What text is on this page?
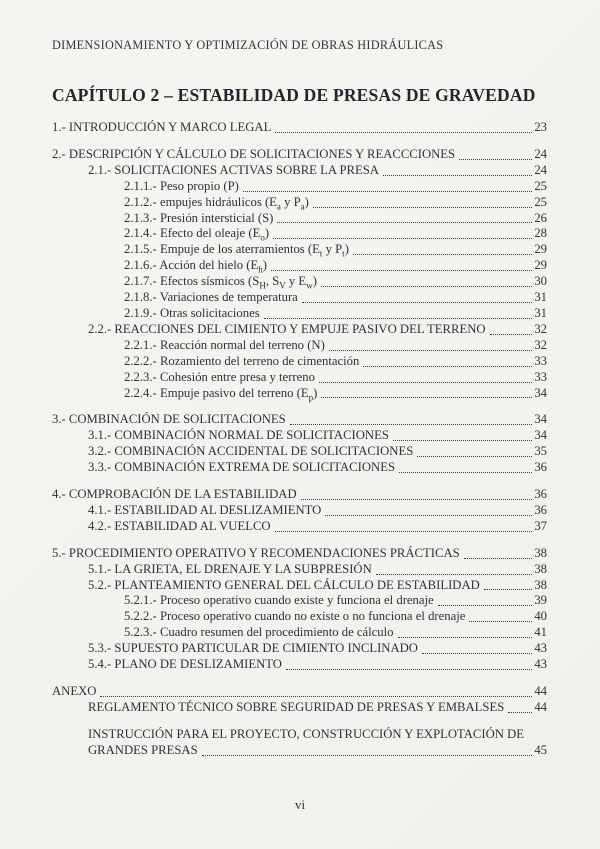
DIMENSIONAMIENTO Y OPTIMIZACIÓN DE OBRAS HIDRÁULICAS
CAPÍTULO 2 – ESTABILIDAD DE PRESAS DE GRAVEDAD
1.- INTRODUCCIÓN Y MARCO LEGAL	23
2.- DESCRIPCIÓN Y CÁLCULO DE SOLICITACIONES Y REACCCIONES	24
2.1.- SOLICITACIONES ACTIVAS SOBRE LA PRESA	24
2.1.1.- Peso propio (P)	25
2.1.2.- empujes hidráulicos ($E_a$ y $P_a$)	25
2.1.3.- Presión intersticial (S)	26
2.1.4.- Efecto del oleaje $(E_o)$	28
2.1.5.- Empuje de los aterramientos ($E_t$ y $P_t$)	29
2.1.6.- Acción del hielo $(E_h)$	29
2.1.7.- Efectos sísmicos ($S_H$, $S_V$ y $E_w$)	30
2.1.8.- Variaciones de temperatura	31
2.1.9.- Otras solicitaciones	31
2.2.- REACCIONES DEL CIMIENTO Y EMPUJE PASIVO DEL TERRENO	32
2.2.1.- Reacción normal del terreno (N)	32
2.2.2.- Rozamiento del terreno de cimentación	33
2.2.3.- Cohesión entre presa y terreno	33
2.2.4.- Empuje pasivo del terreno $(E_p)$	34
3.- COMBINACIÓN DE SOLICITACIONES	34
3.1.- COMBINACIÓN NORMAL DE SOLICITACIONES	34
3.2.- COMBINACIÓN ACCIDENTAL DE SOLICITACIONES	35
3.3.- COMBINACIÓN EXTREMA DE SOLICITACIONES	36
4.- COMPROBACIÓN DE LA ESTABILIDAD	36
4.1.- ESTABILIDAD AL DESLIZAMIENTO	36
4.2.- ESTABILIDAD AL VUELCO	37
5.- PROCEDIMIENTO OPERATIVO Y RECOMENDACIONES PRÁCTICAS	38
5.1.- LA GRIETA, EL DRENAJE Y LA SUBPRESIÓN	38
5.2.- PLANTEAMIENTO GENERAL DEL CÁLCULO DE ESTABILIDAD	38
5.2.1.- Proceso operativo cuando existe y funciona el drenaje	39
5.2.2.- Proceso operativo cuando no existe o no funciona el drenaje	40
5.2.3.- Cuadro resumen del procedimiento de cálculo	41
5.3.- SUPUESTO PARTICULAR DE CIMIENTO INCLINADO	43
5.4.- PLANO DE DESLIZAMIENTO	43
ANEXO	44
REGLAMENTO TÉCNICO SOBRE SEGURIDAD DE PRESAS Y EMBALSES 44
INSTRUCCIÓN PARA EL PROYECTO, CONSTRUCCIÓN Y EXPLOTACIÓN DE
GRANDES PRESAS	45
vi
